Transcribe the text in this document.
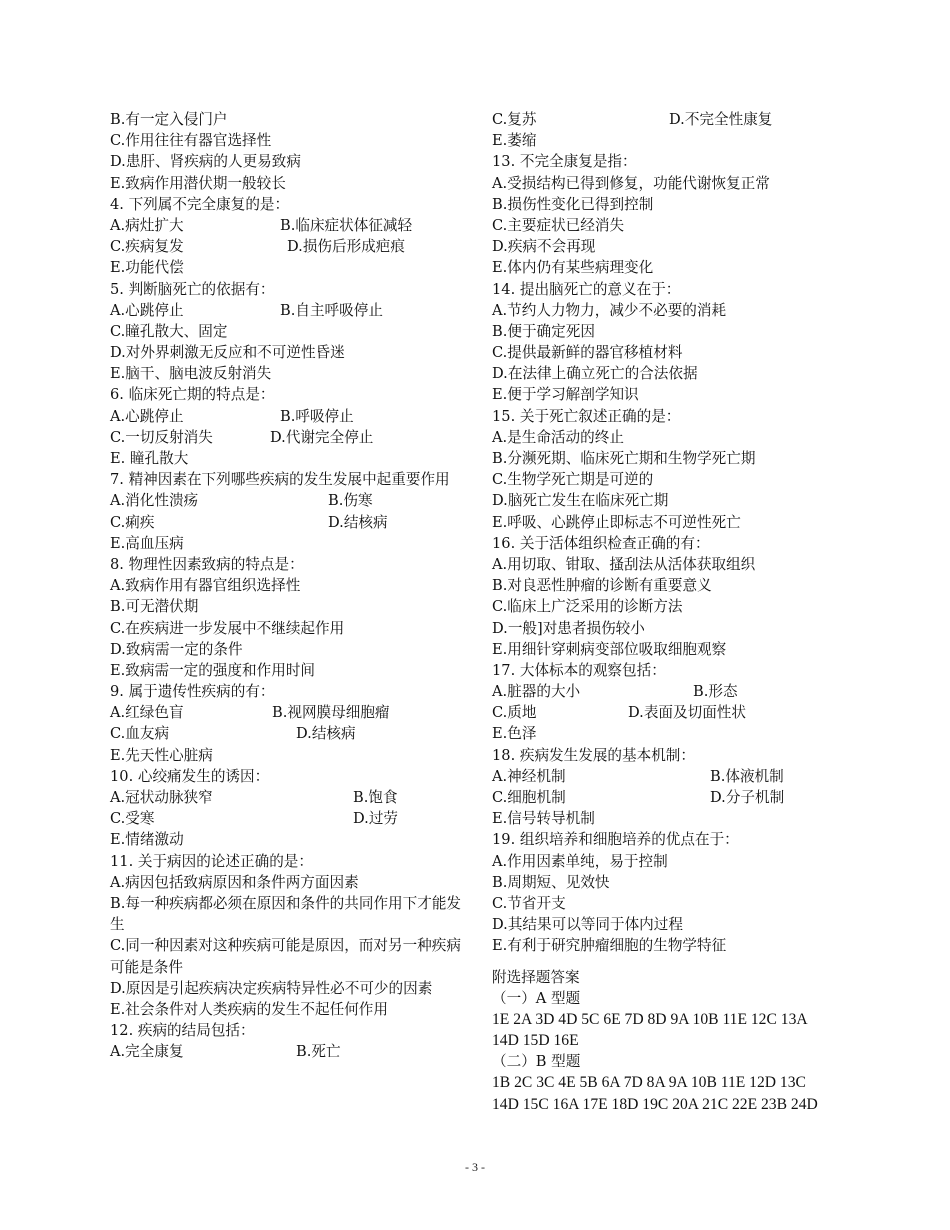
B.有一定入侵门户
C.作用往往有器官选择性
D.患肝、肾疾病的人更易致病
E.致病作用潜伏期一般较长
4. 下列属不完全康复的是：
A.病灶扩大	B.临床症状体征减轻
C.疾病复发	D.损伤后形成疤痕
E.功能代偿
5. 判断脑死亡的依据有：
A.心跳停止	B.自主呼吸停止
C.瞳孔散大、固定
D.对外界刺激无反应和不可逆性昏迷
E.脑干、脑电波反射消失
6. 临床死亡期的特点是：
A.心跳停止	B.呼吸停止
C.一切反射消失	D.代谢完全停止
E. 瞳孔散大
7. 精神因素在下列哪些疾病的发生发展中起重要作用
A.消化性溃疡	B.伤寒
C.痢疾	D.结核病
E.高血压病
8. 物理性因素致病的特点是：
A.致病作用有器官组织选择性
B.可无潜伏期
C.在疾病进一步发展中不继续起作用
D.致病需一定的条件
E.致病需一定的强度和作用时间
9. 属于遗传性疾病的有：
A.红绿色盲	B.视网膜母细胞瘤
C.血友病	D.结核病
E.先天性心脏病
10. 心绞痛发生的诱因：
A.冠状动脉狭窄	B.饱食
C.受寒	D.过劳
E.情绪激动
11. 关于病因的论述正确的是：
A.病因包括致病原因和条件两方面因素
B.每一种疾病都必须在原因和条件的共同作用下才能发生
C.同一种因素对这种疾病可能是原因，而对另一种疾病可能是条件
D.原因是引起疾病决定疾病特异性必不可少的因素
E.社会条件对人类疾病的发生不起任何作用
12. 疾病的结局包括：
A.完全康复	B.死亡
C.复苏	D.不完全性康复
E.萎缩
13. 不完全康复是指：
A.受损结构已得到修复，功能代谢恢复正常
B.损伤性变化已得到控制
C.主要症状已经消失
D.疾病不会再现
E.体内仍有某些病理变化
14. 提出脑死亡的意义在于：
A.节约人力物力，减少不必要的消耗
B.便于确定死因
C.提供最新鲜的器官移植材料
D.在法律上确立死亡的合法依据
E.便于学习解剖学知识
15. 关于死亡叙述正确的是：
A.是生命活动的终止
B.分濒死期、临床死亡期和生物学死亡期
C.生物学死亡期是可逆的
D.脑死亡发生在临床死亡期
E.呼吸、心跳停止即标志不可逆性死亡
16. 关于活体组织检查正确的有：
A.用切取、钳取、搔刮法从活体获取组织
B.对良恶性肿瘤的诊断有重要意义
C.临床上广泛采用的诊断方法
D.一般]对患者损伤较小
E.用细针穿刺病变部位吸取细胞观察
17. 大体标本的观察包括：
A.脏器的大小	B.形态
C.质地	D.表面及切面性状
E.色泽
18. 疾病发生发展的基本机制：
A.神经机制	B.体液机制
C.细胞机制	D.分子机制
E.信号转导机制
19. 组织培养和细胞培养的优点在于：
A.作用因素单纯，易于控制
B.周期短、见效快
C.节省开支
D.其结果可以等同于体内过程
E.有利于研究肿瘤细胞的生物学特征
附选择题答案
（一）A 型题
1E 2A 3D 4D 5C 6E 7D 8D 9A 10B 11E 12C 13A
14D 15D 16E
（二）B 型题
1B 2C 3C 4E 5B 6A 7D 8A 9A 10B 11E 12D 13C
14D 15C 16A 17E 18D 19C 20A 21C 22E 23B 24D
- 3 -
